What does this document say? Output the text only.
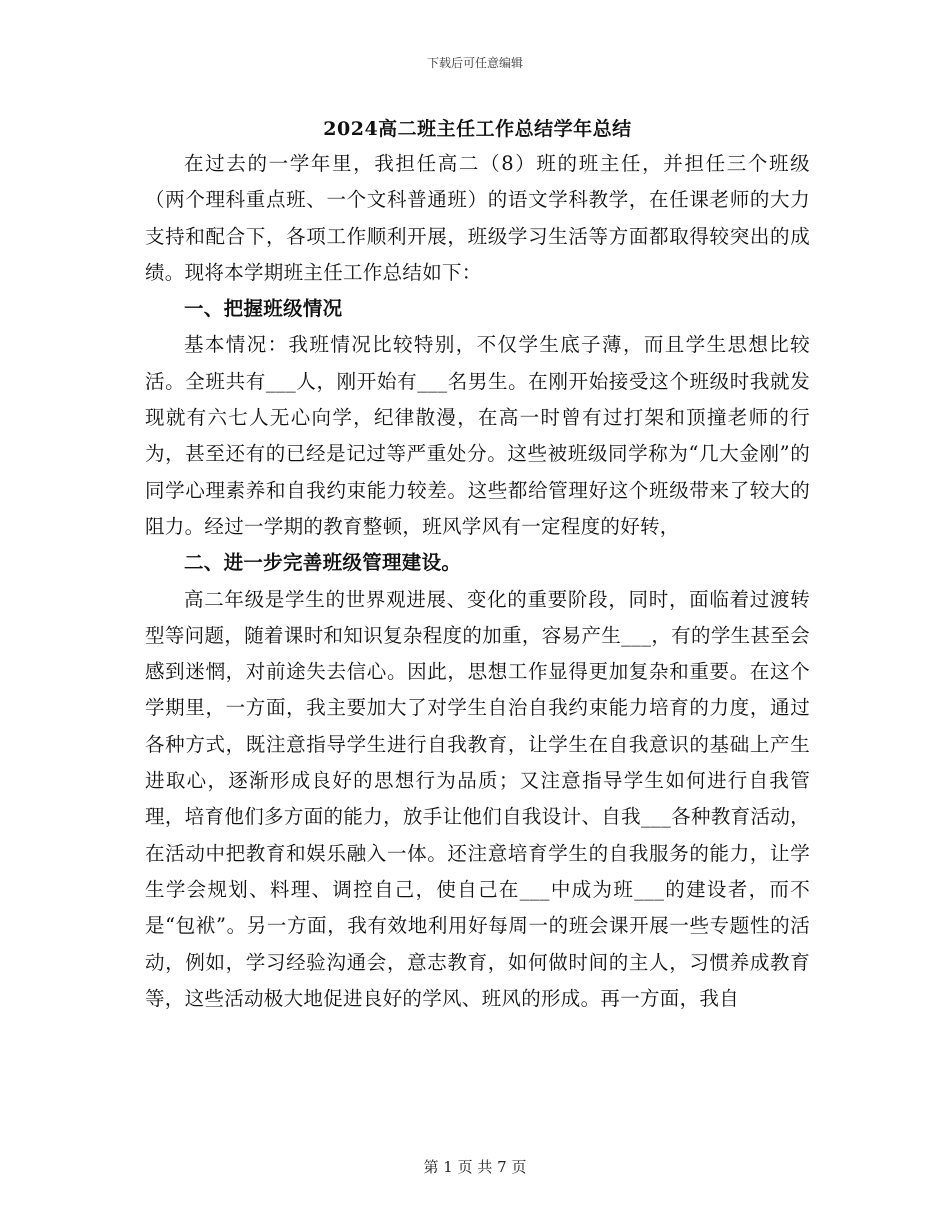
下载后可任意编辑
2024高二班主任工作总结学年总结

在过去的一学年里，我担任高二（8）班的班主任，并担任三个班级（两个理科重点班、一个文科普通班）的语文学科教学，在任课老师的大力支持和配合下，各项工作顺利开展，班级学习生活等方面都取得较突出的成绩。现将本学期班主任工作总结如下：

一、把握班级情况

基本情况：我班情况比较特别，不仅学生底子薄，而且学生思想比较活。全班共有___人，刚开始有___名男生。在刚开始接受这个班级时我就发现就有六七人无心向学，纪律散漫，在高一时曾有过打架和顶撞老师的行为，甚至还有的已经是记过等严重处分。这些被班级同学称为“几大金刚”的同学心理素养和自我约束能力较差。这些都给管理好这个班级带来了较大的阻力。经过一学期的教育整顿，班风学风有一定程度的好转，

二、进一步完善班级管理建设。

高二年级是学生的世界观进展、变化的重要阶段，同时，面临着过渡转型等问题，随着课时和知识复杂程度的加重，容易产生___，有的学生甚至会感到迷惘，对前途失去信心。因此，思想工作显得更加复杂和重要。在这个学期里，一方面，我主要加大了对学生自治自我约束能力培育的力度，通过各种方式，既注意指导学生进行自我教育，让学生在自我意识的基础上产生进取心，逐渐形成良好的思想行为品质；又注意指导学生如何进行自我管理，培育他们多方面的能力，放手让他们自我设计、自我___各种教育活动，在活动中把教育和娱乐融入一体。还注意培育学生的自我服务的能力，让学生学会规划、料理、调控自己，使自己在___中成为班___的建设者，而不是“包袱”。另一方面，我有效地利用好每周一的班会课开展一些专题性的活动，例如，学习经验沟通会，意志教育，如何做时间的主人，习惯养成教育等，这些活动极大地促进良好的学风、班风的形成。再一方面，我自

第 1 页 共 7 页
